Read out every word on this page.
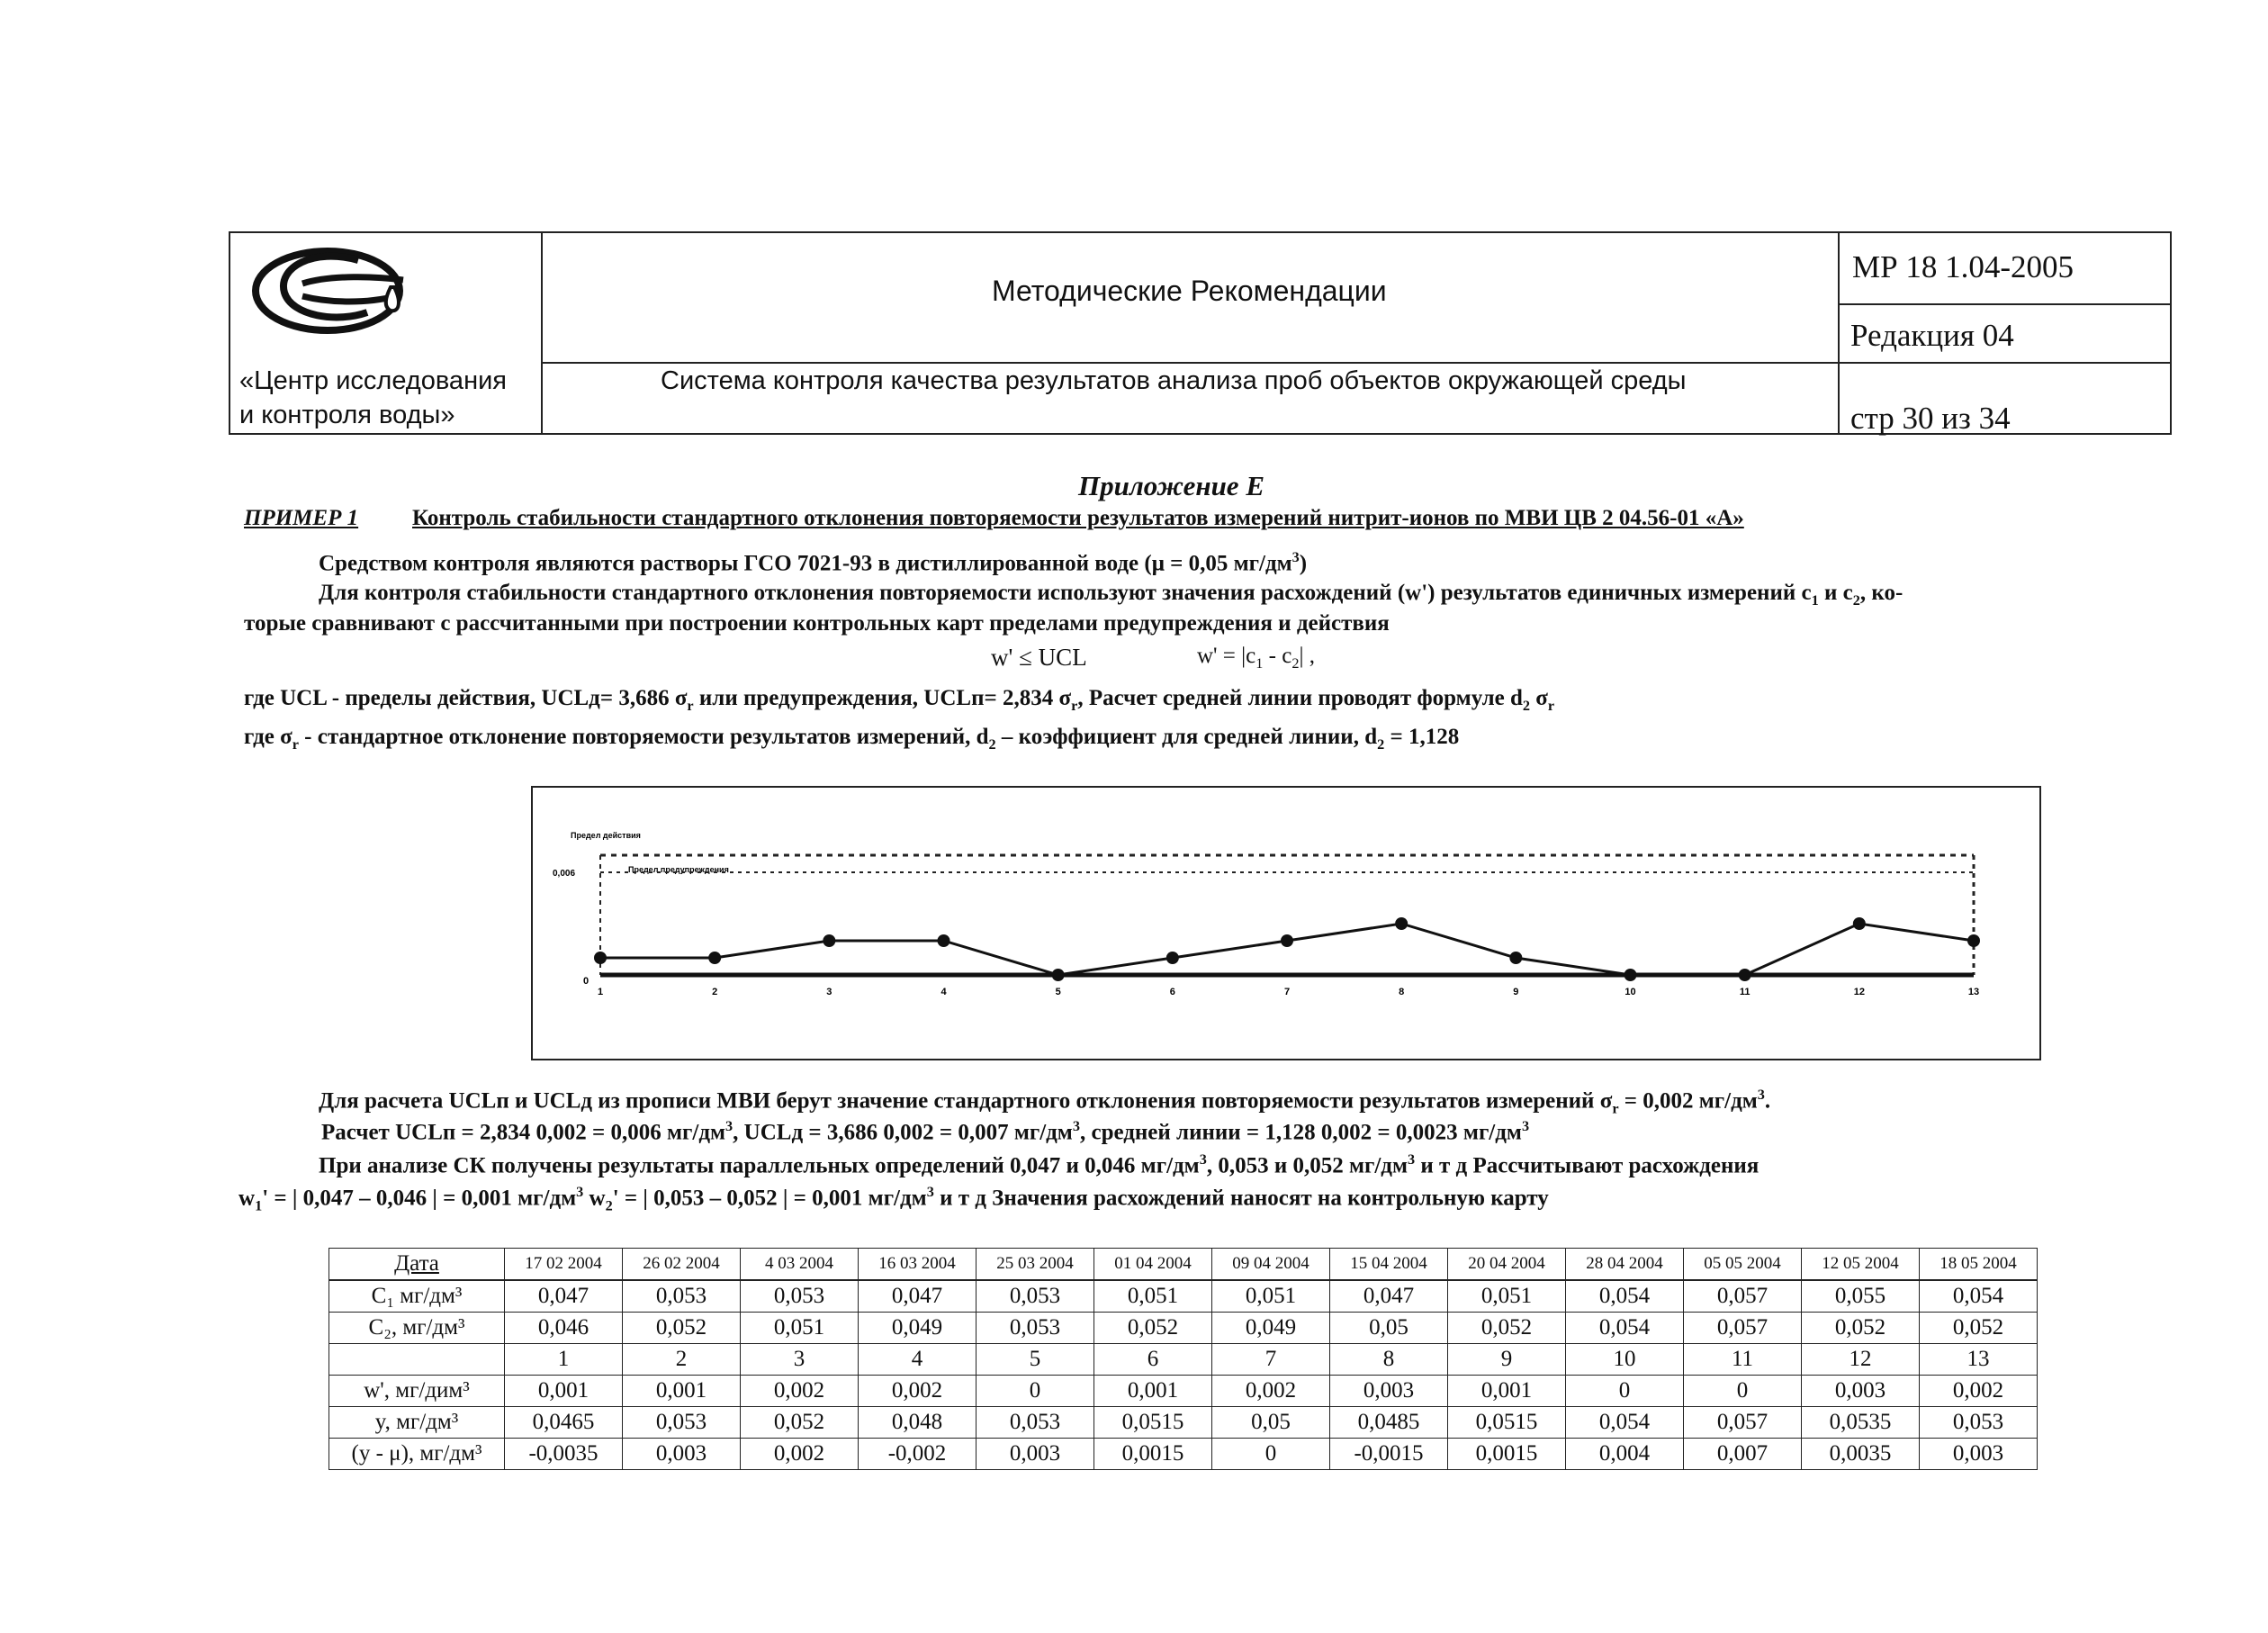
«Центр исследования
и контроля воды»
Методические Рекомендации
Система контроля качества результатов анализа проб объектов окружающей среды
МР 18 1.04-2005
Редакция 04
стр 30 из 34
Приложение Е
ПРИМЕР 1 Контроль стабильности стандартного отклонения повторяемости результатов измерений нитрит-ионов по МВИ ЦВ 2 04.56-01 «А»
Средством контроля являются растворы ГСО 7021-93 в дистиллированной воде (μ = 0,05 $мг/дм^3$)
Для контроля стабильности стандартного отклонения повторяемости используют значения расхождений (w') результатов единичных измерений $c_1$ и $c_2$, ко-
торые сравнивают с рассчитанными при построении контрольных карт пределами предупреждения и действия
w' ≤ UCL	$w' = |c_1 - c_2|$ ,
где UCL - пределы действия, UCLд= 3,686 $\sigma_r$ или предупреждения, UCLп= 2,834 $\sigma_r$, Расчет средней линии проводят формуле $d_2$ $\sigma_r$
где $\sigma_r$ - стандартное отклонение повторяемости результатов измерений, $d_2$ – коэффициент для средней линии, $d_2 = 1,128$
Предел действия
Предел предупреждения
0,006
0
1	2	3	4	5	6	7	8	9	10	11	12	13
Для расчета UCLп и UCLд из прописи МВИ берут значение стандартного отклонения повторяемости результатов измерений $\sigma_r = 0,002$ $мг/дм^3$.
Расчет UCLп = 2,834 0,002 = 0,006 $мг/дм^3$, UCLд = 3,686 0,002 = 0,007 $мг/дм^3$, средней линии = 1,128 0,002 = 0,0023 $мг/дм^3$
При анализе СК получены результаты параллельных определений 0,047 и 0,046 $мг/дм^3$, 0,053 и 0,052 $мг/дм^3$ и т д Рассчитывают расхождения
$w_1'$ = | 0,047 – 0,046 | = 0,001 $мг/дм^3$ $w_2'$ = | 0,053 – 0,052 | = 0,001 $мг/дм^3$ и т д Значения расхождений наносят на контрольную карту
Дата	17 02 2004	26 02 2004	4 03 2004	16 03 2004	25 03 2004	01 04 2004	09 04 2004	15 04 2004	20 04 2004	28 04 2004	05 05 2004	12 05 2004	18 05 2004
C₁ мг/дм³	0,047	0,053	0,053	0,047	0,053	0,051	0,051	0,047	0,051	0,054	0,057	0,055	0,054
C₂, мг/дм³	0,046	0,052	0,051	0,049	0,053	0,052	0,049	0,05	0,052	0,054	0,057	0,052	0,052
	1	2	3	4	5	6	7	8	9	10	11	12	13
w', мг/дим³	0,001	0,001	0,002	0,002	0	0,001	0,002	0,003	0,001	0	0	0,003	0,002
y, мг/дм³	0,0465	0,053	0,052	0,048	0,053	0,0515	0,05	0,0485	0,0515	0,054	0,057	0,0535	0,053
(y - μ), мг/дм³	-0,0035	0,003	0,002	-0,002	0,003	0,0015	0	-0,0015	0,0015	0,004	0,007	0,0035	0,003
